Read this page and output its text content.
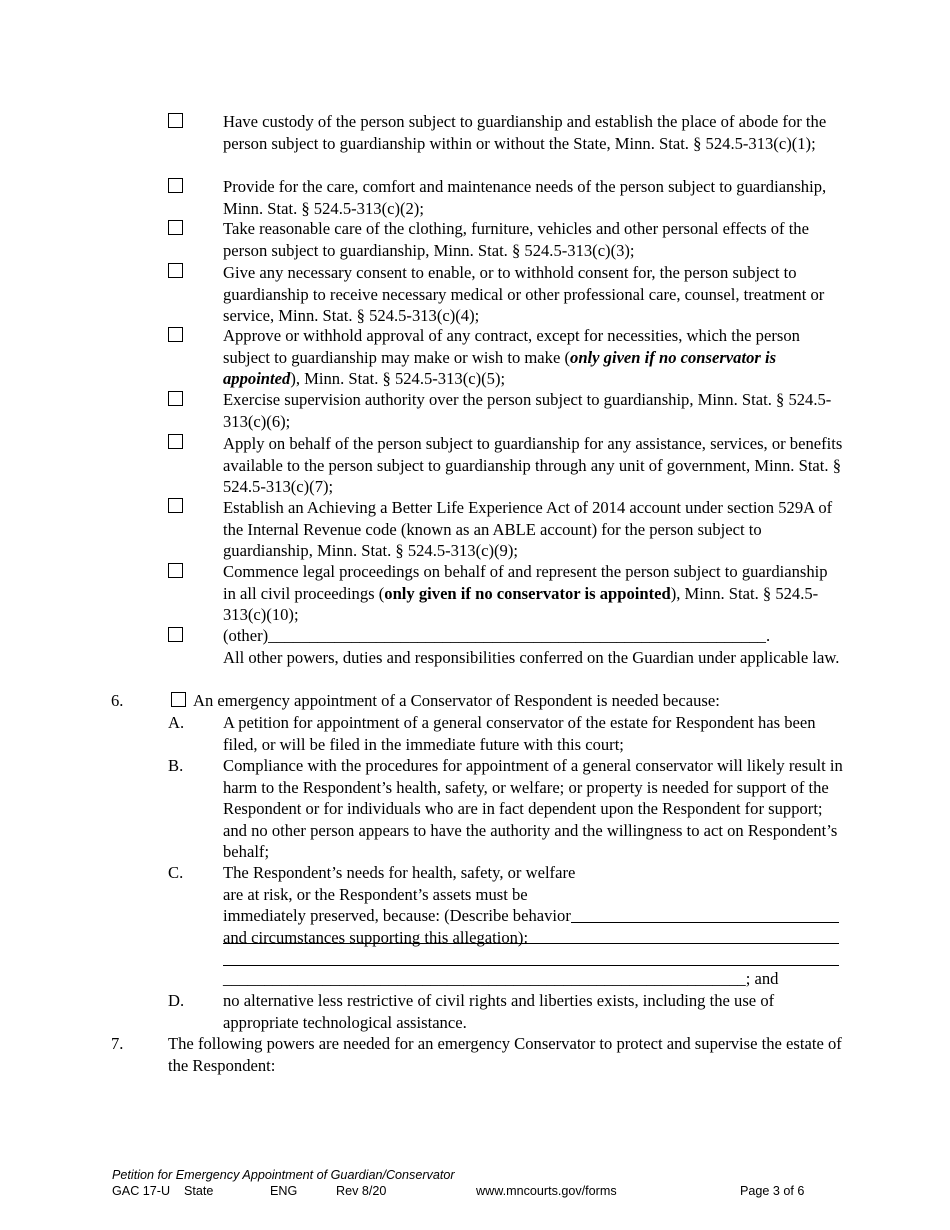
Have custody of the person subject to guardianship and establish the place of abode for the person subject to guardianship within or without the State, Minn. Stat. § 524.5-313(c)(1);
Provide for the care, comfort and maintenance needs of the person subject to guardianship, Minn. Stat. § 524.5-313(c)(2);
Take reasonable care of the clothing, furniture, vehicles and other personal effects of the person subject to guardianship, Minn. Stat. § 524.5-313(c)(3);
Give any necessary consent to enable, or to withhold consent for, the person subject to guardianship to receive necessary medical or other professional care, counsel, treatment or service, Minn. Stat. § 524.5-313(c)(4);
Approve or withhold approval of any contract, except for necessities, which the person subject to guardianship may make or wish to make (only given if no conservator is appointed), Minn. Stat. § 524.5-313(c)(5);
Exercise supervision authority over the person subject to guardianship, Minn. Stat. § 524.5-313(c)(6);
Apply on behalf of the person subject to guardianship for any assistance, services, or benefits available to the person subject to guardianship through any unit of government, Minn. Stat. § 524.5-313(c)(7);
Establish an Achieving a Better Life Experience Act of 2014 account under section 529A of the Internal Revenue code (known as an ABLE account) for the person subject to guardianship, Minn. Stat. § 524.5-313(c)(9);
Commence legal proceedings on behalf of and represent the person subject to guardianship in all civil proceedings (only given if no conservator is appointed), Minn. Stat. § 524.5-313(c)(10);
(other)____________________________________________________________.
All other powers, duties and responsibilities conferred on the Guardian under applicable law.
6.	An emergency appointment of a Conservator of Respondent is needed because:
A. A petition for appointment of a general conservator of the estate for Respondent has been filed, or will be filed in the immediate future with this court;
B. Compliance with the procedures for appointment of a general conservator will likely result in harm to the Respondent’s health, safety, or welfare; or property is needed for support of the Respondent or for individuals who are in fact dependent upon the Respondent for support; and no other person appears to have the authority and the willingness to act on Respondent’s behalf;
C. The Respondent’s needs for health, safety, or welfare are at risk, or the Respondent’s assets must be immediately preserved, because: (Describe behavior and circumstances supporting this allegation):
_______________________________________________________________; and
D. no alternative less restrictive of civil rights and liberties exists, including the use of appropriate technological assistance.
7.	The following powers are needed for an emergency Conservator to protect and supervise the estate of the Respondent:
Petition for Emergency Appointment of Guardian/Conservator
GAC 17-U State	ENG	Rev 8/20	www.mncourts.gov/forms	Page 3 of 6
